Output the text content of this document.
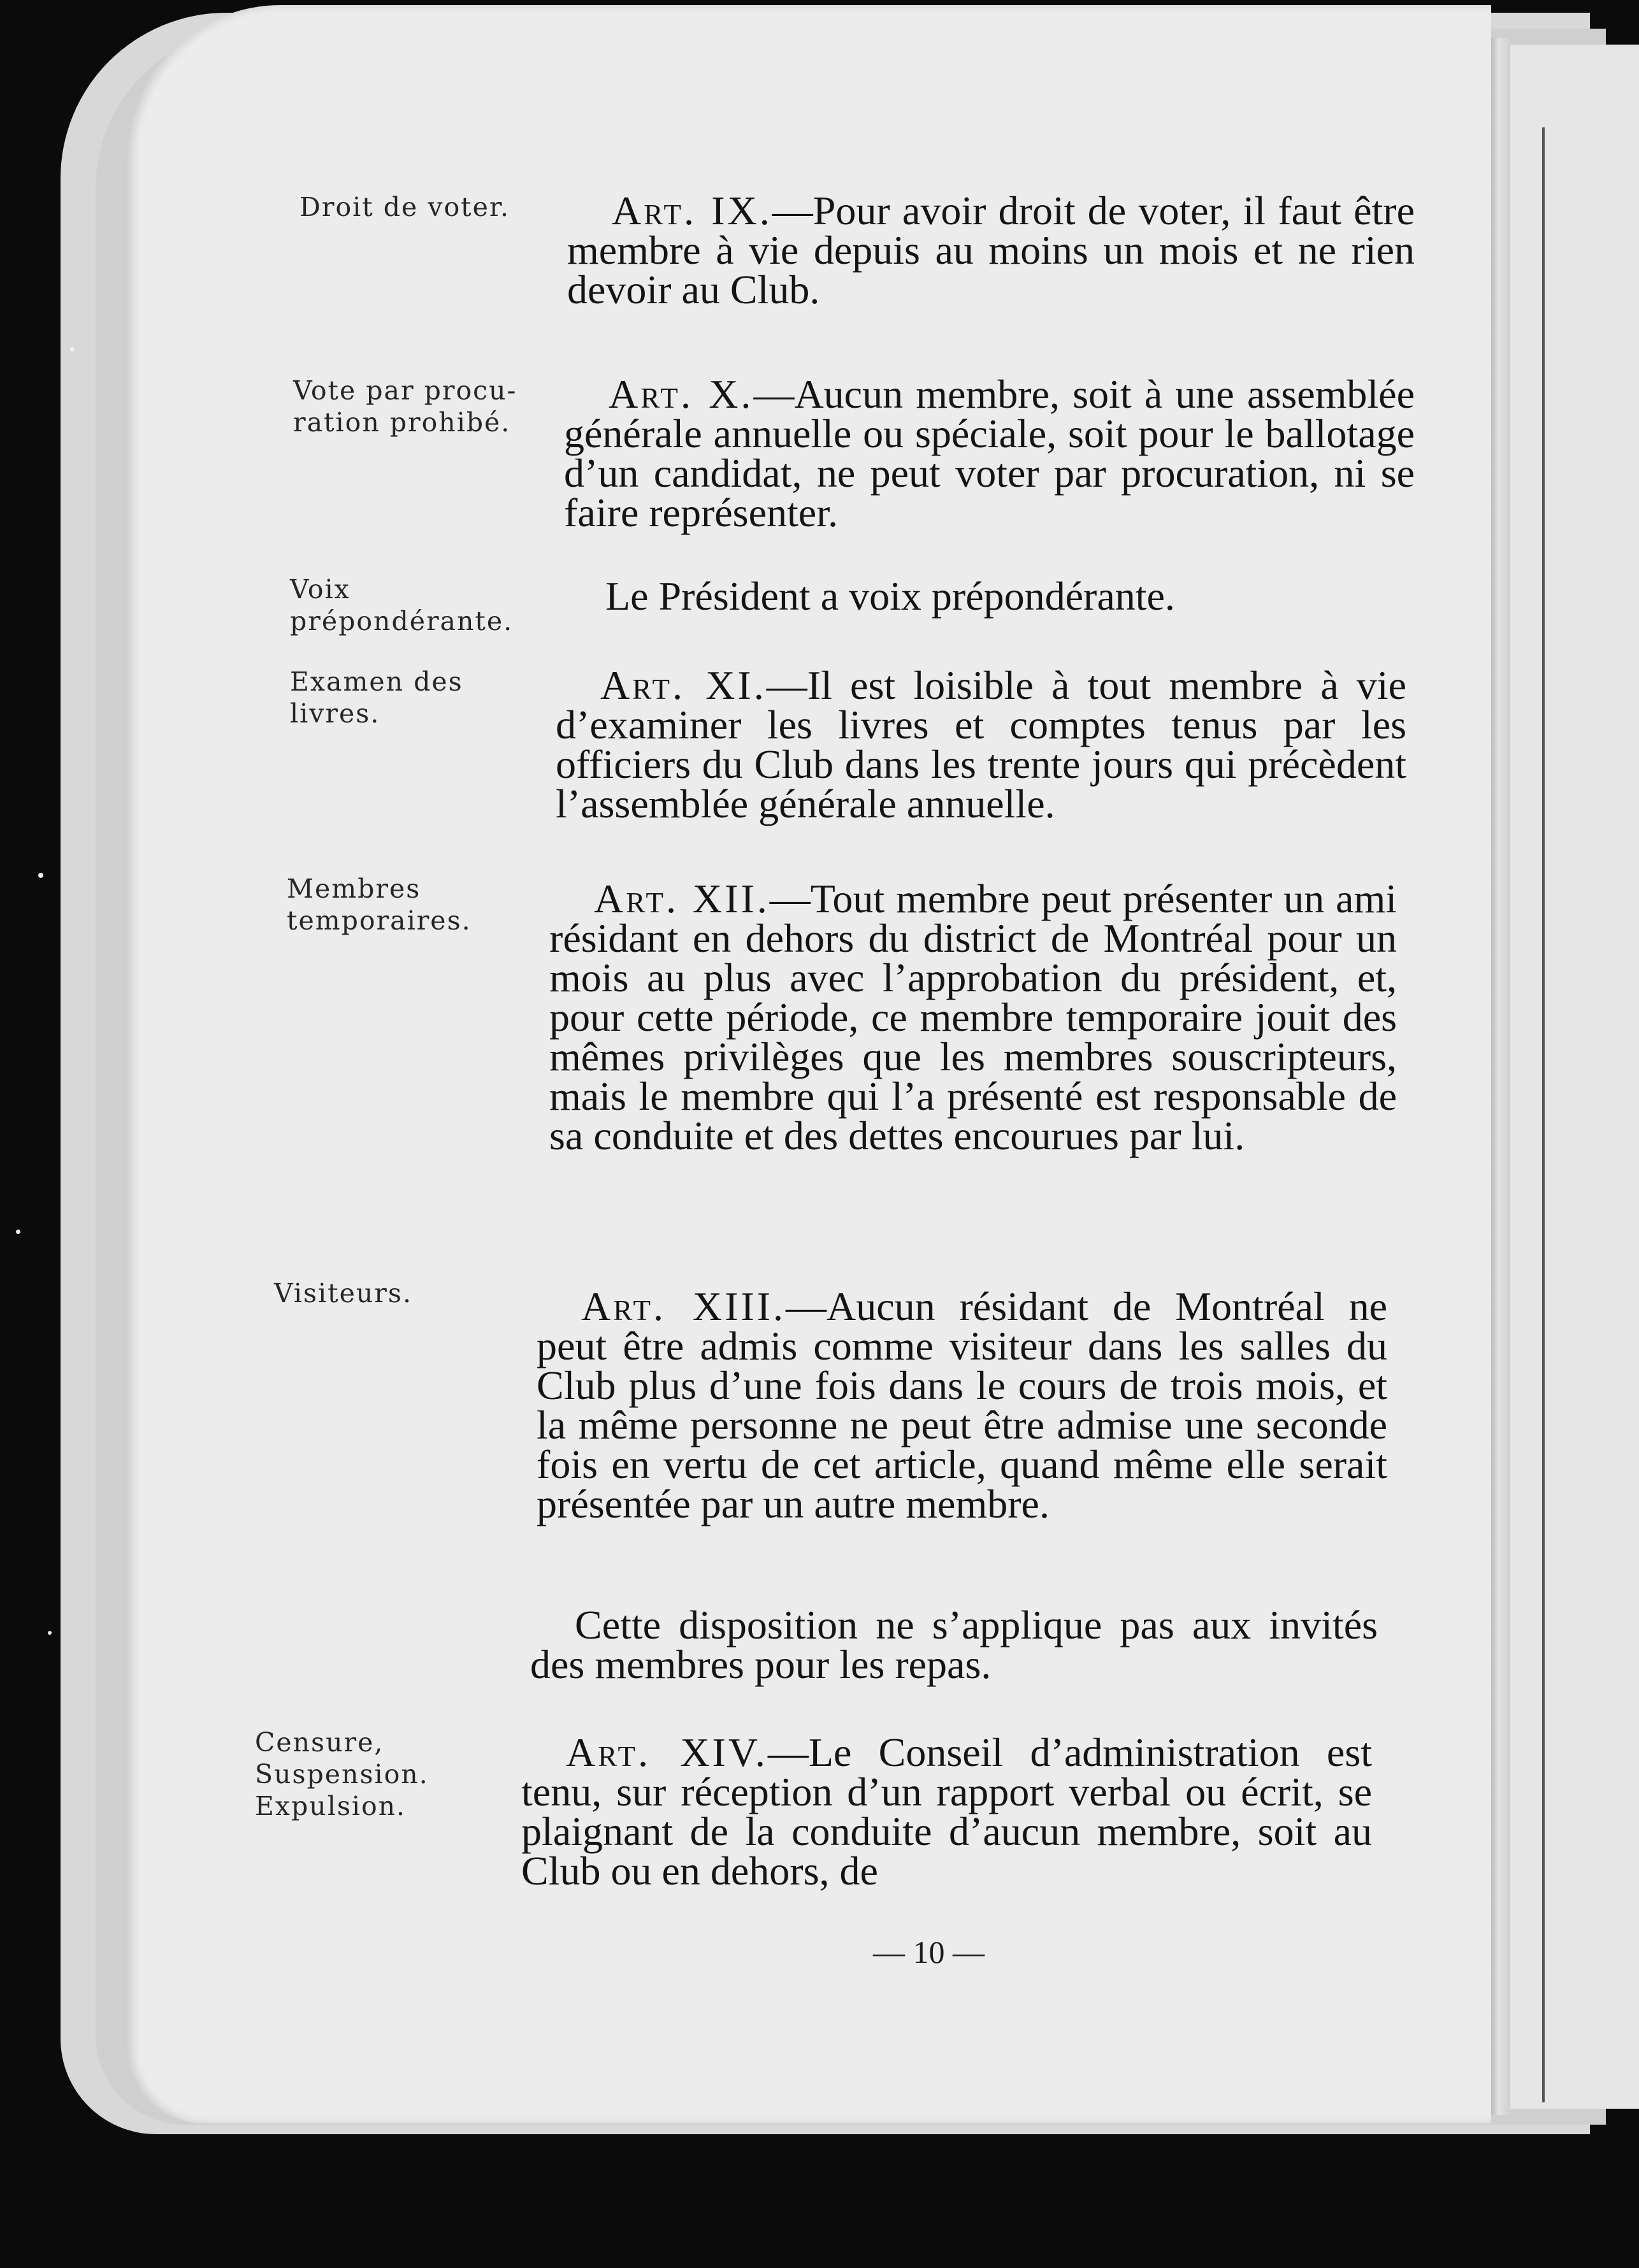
Droit de voter.
Vote par procu-
ration prohibé.
Voix
prépondérante.
Examen des
livres.
Membres
temporaires.
Visiteurs.
Censure,
Suspension.
Expulsion.

Art. IX.—Pour avoir droit de voter, il faut être membre à vie depuis au moins un mois et ne rien devoir au Club.

Art. X.—Aucun membre, soit à une assemblée générale annuelle ou spéciale, soit pour le ballotage d’un candidat, ne peut voter par procuration, ni se faire représenter.

Le Président a voix prépondérante.

Art. XI.—Il est loisible à tout membre à vie d’examiner les livres et comptes tenus par les officiers du Club dans les trente jours qui précèdent l’assemblée générale annuelle.

Art. XII.—Tout membre peut présenter un ami résidant en dehors du district de Montréal pour un mois au plus avec l’approbation du président, et, pour cette période, ce membre temporaire jouit des mêmes privilèges que les membres souscripteurs, mais le membre qui l’a présenté est responsable de sa conduite et des dettes encourues par lui.

Art. XIII.—Aucun résidant de Montréal ne peut être admis comme visiteur dans les salles du Club plus d’une fois dans le cours de trois mois, et la même personne ne peut être admise une seconde fois en vertu de cet article, quand même elle serait présentée par un autre membre.

Cette disposition ne s’applique pas aux invités des membres pour les repas.

Art. XIV.—Le Conseil d’administration est tenu, sur réception d’un rapport verbal ou écrit, se plaignant de la conduite d’aucun membre, soit au Club ou en dehors, de

— 10 —
